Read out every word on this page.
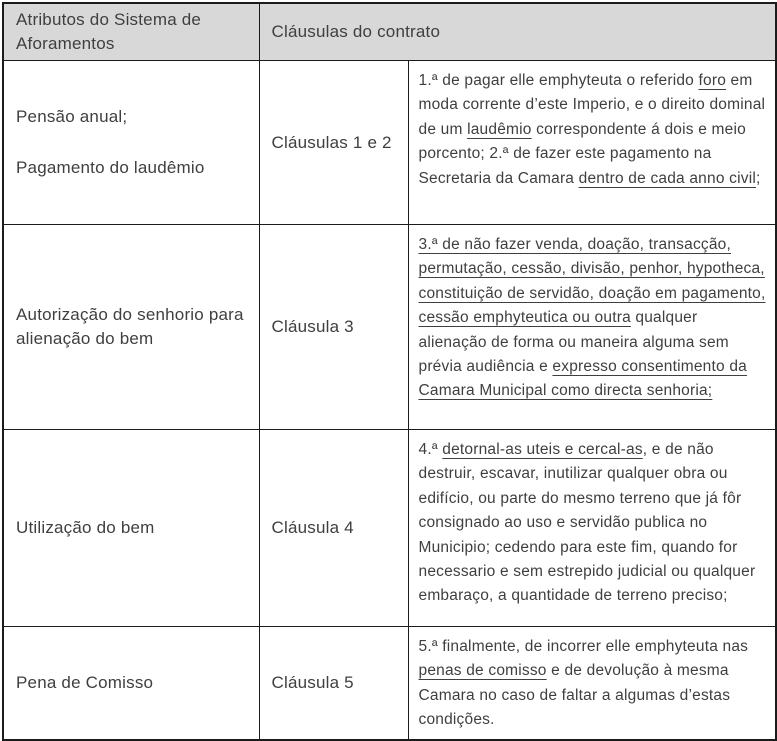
Atributos do Sistema de Aforamentos	Cláusulas do contrato	

Pensão anual;

Pagamento do laudêmio	Cláusulas 1 e 2	1.ª de pagar elle emphyteuta o referido foro em moda corrente d’este Imperio, e o direito dominal de um laudêmio correspondente á dois e meio porcento; 2.ª de fazer este pagamento na Secretaria da Camara dentro de cada anno civil;

Autorização do senhorio para alienação do bem	Cláusula 3	3.ª de não fazer venda, doação, transacção, permutação, cessão, divisão, penhor, hypotheca, constituição de servidão, doação em pagamento, cessão emphyteutica ou outra qualquer alienação de forma ou maneira alguma sem prévia audiência e expresso consentimento da Camara Municipal como directa senhoria;

Utilização do bem	Cláusula 4	4.ª detornal-as uteis e cercal-as, e de não destruir, escavar, inutilizar qualquer obra ou edifício, ou parte do mesmo terreno que já fôr consignado ao uso e servidão publica no Municipio; cedendo para este fim, quando for necessario e sem estrepido judicial ou qualquer embaraço, a quantidade de terreno preciso;

Pena de Comisso	Cláusula 5	5.ª finalmente, de incorrer elle emphyteuta nas penas de comisso e de devolução à mesma Camara no caso de faltar a algumas d’estas condições.
